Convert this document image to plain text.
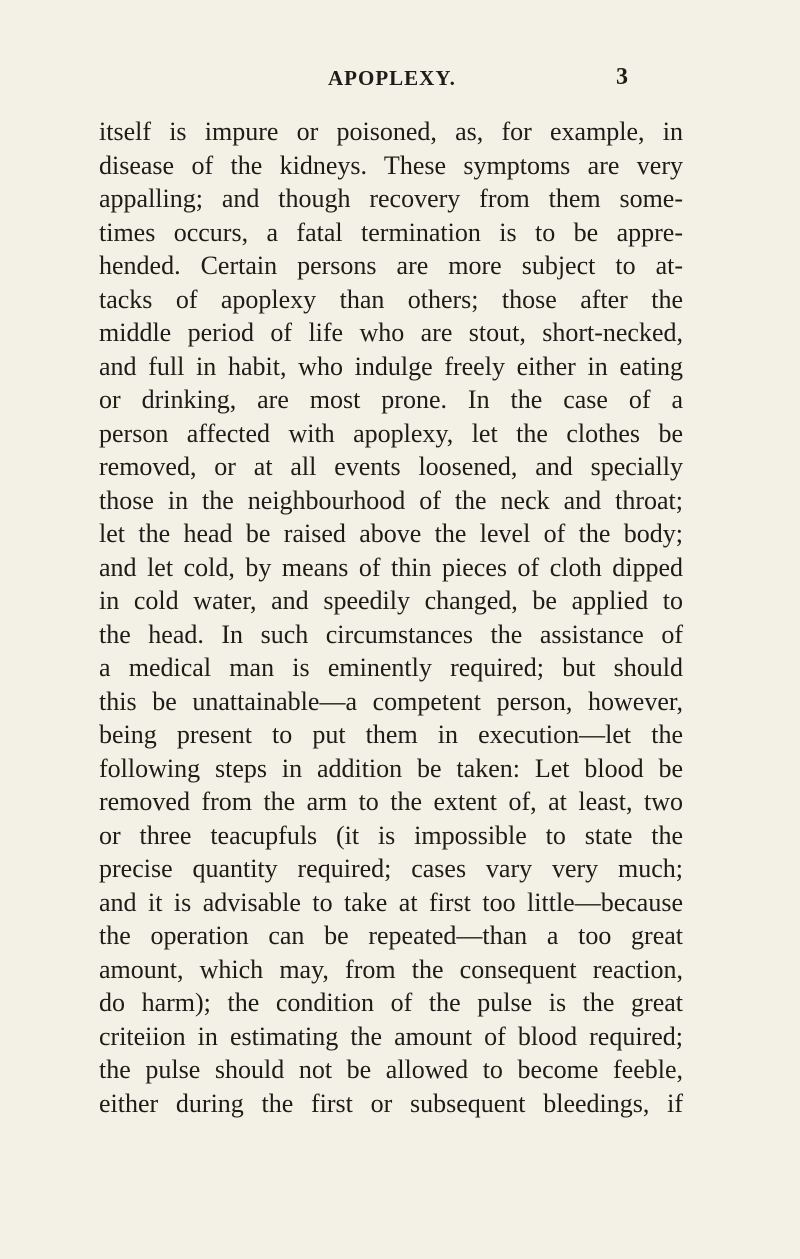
APOPLEXY.	3
itself is impure or poisoned, as, for example, in
disease of the kidneys. These symptoms are very
appalling; and though recovery from them some-
times occurs, a fatal termination is to be appre-
hended. Certain persons are more subject to at-
tacks of apoplexy than others; those after the
middle period of life who are stout, short-necked,
and full in habit, who indulge freely either in eating
or drinking, are most prone. In the case of a
person affected with apoplexy, let the clothes be
removed, or at all events loosened, and specially
those in the neighbourhood of the neck and throat;
let the head be raised above the level of the body;
and let cold, by means of thin pieces of cloth dipped
in cold water, and speedily changed, be applied to
the head. In such circumstances the assistance of
a medical man is eminently required; but should
this be unattainable—a competent person, however,
being present to put them in execution—let the
following steps in addition be taken: Let blood be
removed from the arm to the extent of, at least, two
or three teacupfuls (it is impossible to state the
precise quantity required; cases vary very much;
and it is advisable to take at first too little—because
the operation can be repeated—than a too great
amount, which may, from the consequent reaction,
do harm); the condition of the pulse is the great
criteiion in estimating the amount of blood required;
the pulse should not be allowed to become feeble,
either during the first or subsequent bleedings, if
